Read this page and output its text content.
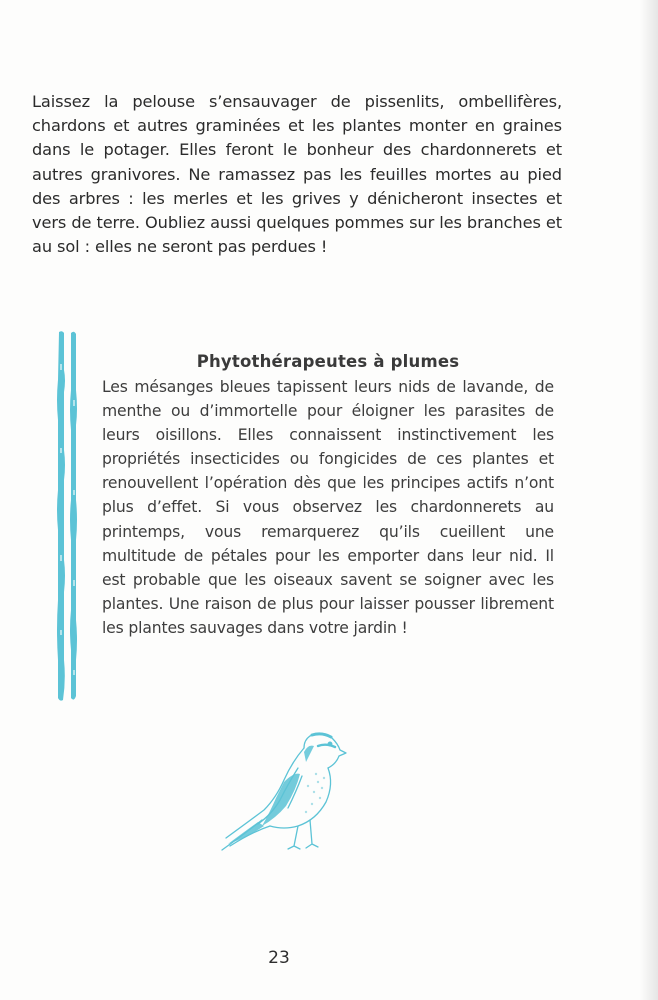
Laissez la pelouse s’ensauvager de pissenlits, ombellifères, chardons et autres graminées et les plantes monter en graines dans le potager. Elles feront le bonheur des chardonnerets et autres granivores. Ne ramassez pas les feuilles mortes au pied des arbres : les merles et les grives y dénicheront insectes et vers de terre. Oubliez aussi quelques pommes sur les branches et au sol : elles ne seront pas perdues !

Phytothérapeutes à plumes

Les mésanges bleues tapissent leurs nids de lavande, de menthe ou d’immortelle pour éloigner les parasites de leurs oisillons. Elles connaissent instinctivement les propriétés insecticides ou fongicides de ces plantes et renouvellent l’opération dès que les principes actifs n’ont plus d’effet. Si vous observez les chardonnerets au printemps, vous remarquerez qu’ils cueillent une multitude de pétales pour les emporter dans leur nid. Il est probable que les oiseaux savent se soigner avec les plantes. Une raison de plus pour laisser pousser librement les plantes sauvages dans votre jardin !

23
